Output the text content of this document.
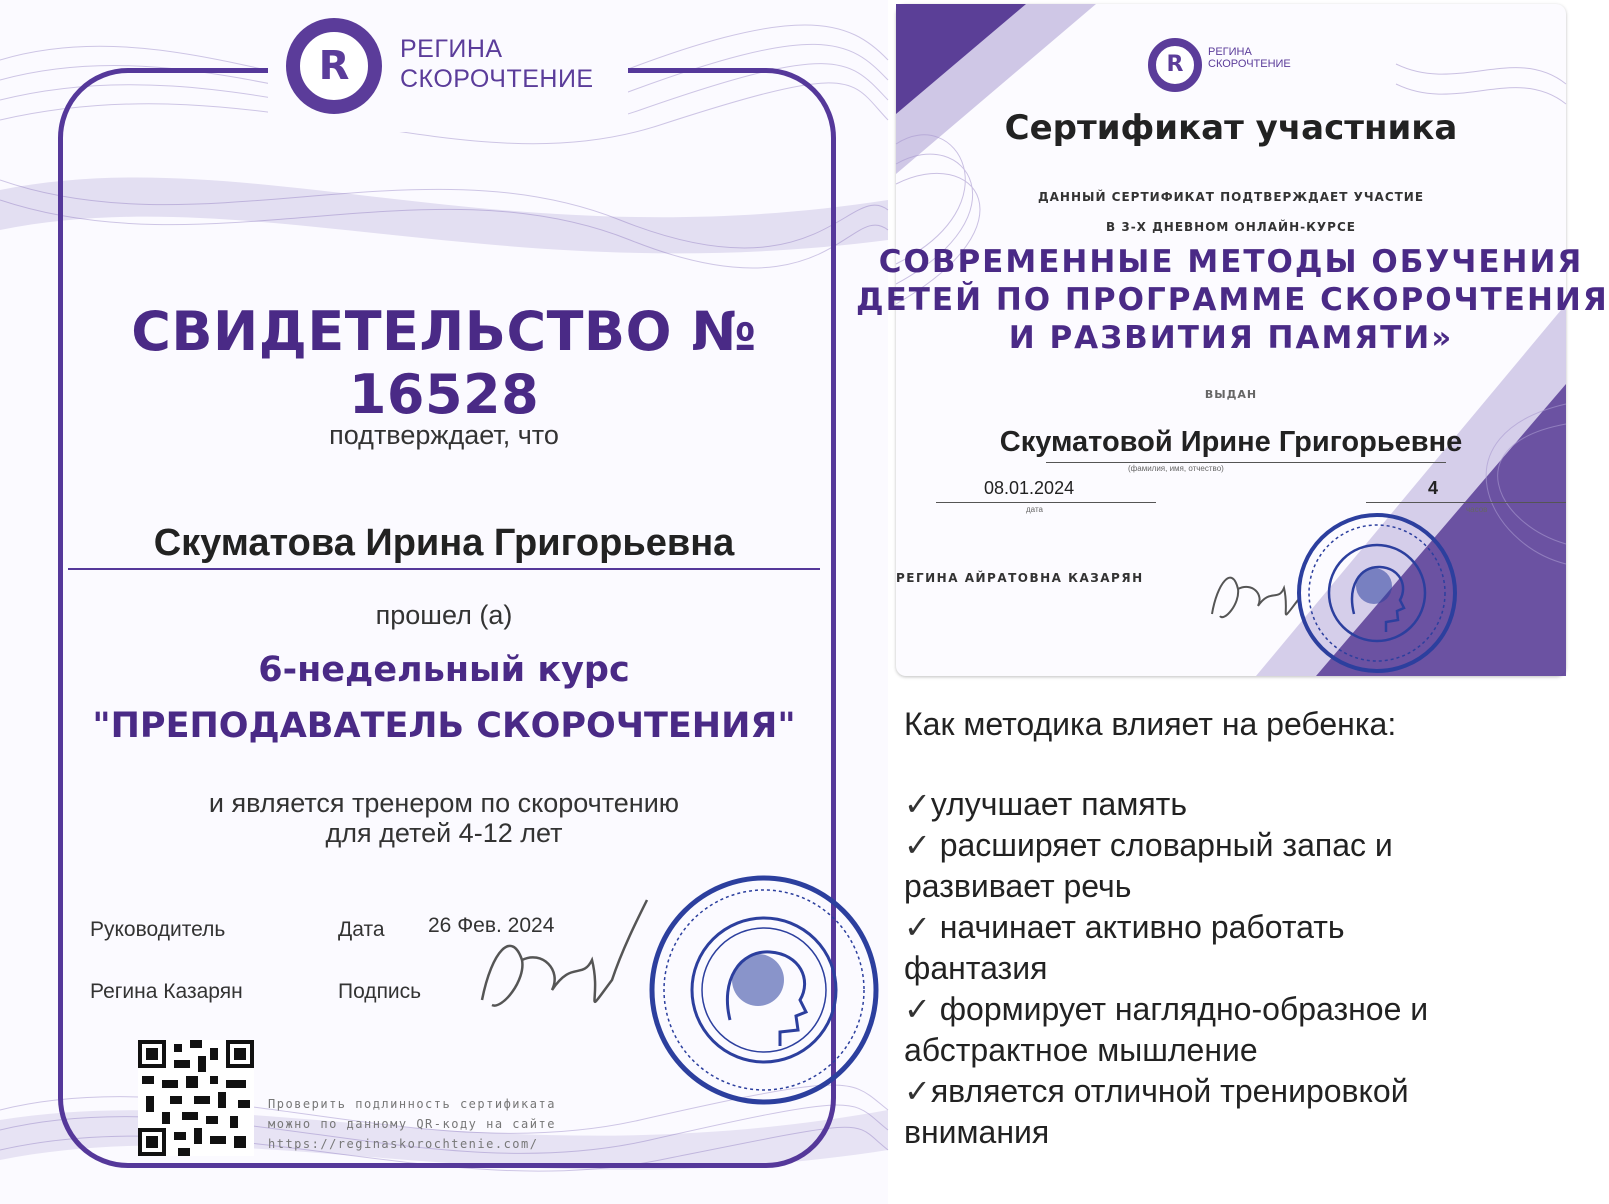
R	РЕГИНА
СКОРОЧТЕНИЕ
СВИДЕТЕЛЬСТВО № 16528
подтверждает, что
Скуматова Ирина Григорьевна
прошел (а)
6-недельный курс
"ПРЕПОДАВАТЕЛЬ СКОРОЧТЕНИЯ"
и является тренером по скорочтению
для детей 4-12 лет
Руководитель
Регина Казарян
Дата 26 Фев. 2024
Подпись
Проверить подлинность сертификата
можно по данному QR-коду на сайте
https://reginaskorochtenie.com/
R	РЕГИНА
СКОРОЧТЕНИЕ
Сертификат участника
ДАННЫЙ СЕРТИФИКАТ ПОДТВЕРЖДАЕТ УЧАСТИЕ
В 3-Х ДНЕВНОМ ОНЛАЙН-КУРСЕ
СОВРЕМЕННЫЕ МЕТОДЫ ОБУЧЕНИЯ
ДЕТЕЙ ПО ПРОГРАММЕ СКОРОЧТЕНИЯ
И РАЗВИТИЯ ПАМЯТИ»
ВЫДАН
Скуматовой Ирине Григорьевне
(фамилия, имя, отчество)
08.01.2024
дата
4
часов
РЕГИНА АЙРАТОВНА КАЗАРЯН
Как методика влияет на ребенка:
✓улучшает память
✓ расширяет словарный запас и
развивает речь
✓ начинает активно работать
фантазия
✓ формирует наглядно-образное и
абстрактное мышление
✓является отличной тренировкой
внимания
